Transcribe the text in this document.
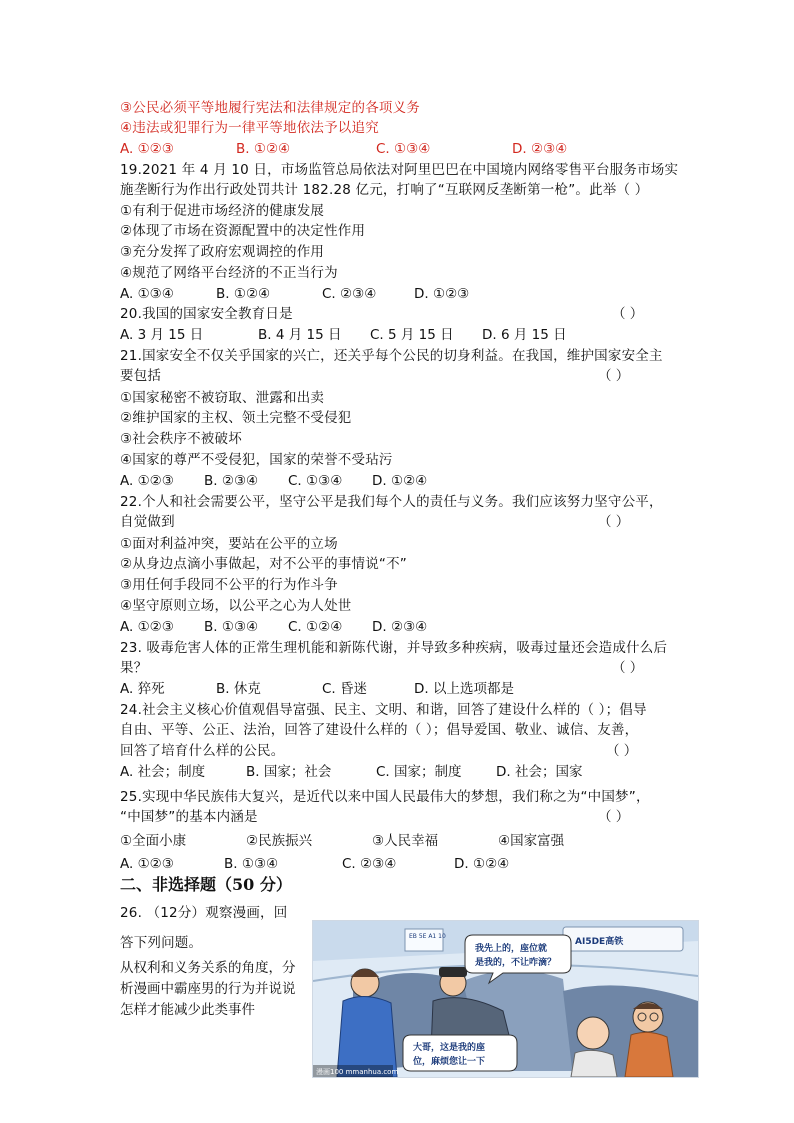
③公民必须平等地履行宪法和法律规定的各项义务
④违法或犯罪行为一律平等地依法予以追究
A. ①②③	B. ①②④	C. ①③④	D. ②③④
19.2021 年 4 月 10 日，市场监管总局依法对阿里巴巴在中国境内网络零售平台服务市场实
施垄断行为作出行政处罚共计 182.28 亿元，打响了“互联网反垄断第一枪”。此举（ ）
①有利于促进市场经济的健康发展
②体现了市场在资源配置中的决定性作用
③充分发挥了政府宏观调控的作用
④规范了网络平台经济的不正当行为
A. ①③④	B. ①②④	C. ②③④	D. ①②③
20.我国的国家安全教育日是	（ ）
A. 3 月 15 日	B. 4 月 15 日 C. 5 月 15 日 D. 6 月 15 日
21.国家安全不仅关乎国家的兴亡，还关乎每个公民的切身利益。在我国，维护国家安全主
要包括	（ ）
①国家秘密不被窃取、泄露和出卖
②维护国家的主权、领土完整不受侵犯
③社会秩序不被破坏
④国家的尊严不受侵犯，国家的荣誉不受玷污
A. ①②③ B. ②③④ C. ①③④ D. ①②④
22.个人和社会需要公平，坚守公平是我们每个人的责任与义务。我们应该努力坚守公平，
自觉做到	（ ）
①面对利益冲突，要站在公平的立场
②从身边点滴小事做起，对不公平的事情说“不”
③用任何手段同不公平的行为作斗争
④坚守原则立场，以公平之心为人处世
A. ①②③ B. ①③④ C. ①②④ D. ②③④
23. 吸毒危害人体的正常生理机能和新陈代谢，并导致多种疾病，吸毒过量还会造成什么后
果？	（ ）
A. 猝死	B. 休克	C. 昏迷	D. 以上选项都是
24.社会主义核心价值观倡导富强、民主、文明、和谐，回答了建设什么样的（ ）；倡导
自由、平等、公正、法治，回答了建设什么样的（ ）；倡导爱国、敬业、诚信、友善，
回答了培育什么样的公民。	（ ）
A. 社会；制度	B. 国家；社会	C. 国家；制度	D. 社会；国家
25.实现中华民族伟大复兴，是近代以来中国人民最伟大的梦想，我们称之为“中国梦”，
“中国梦”的基本内涵是	（ ）
①全面小康	②民族振兴	③人民幸福	④国家富强
A. ①②③	B. ①③④	C. ②③④	D. ①②④
二、非选择题（50 分）
26. （12分）观察漫画，回
答下列问题。
从权利和义务关系的角度，分析漫画中霸座男的行为并说说怎样才能减少此类事件
AI5DE高铁
EB 5E A1 10
我先上的，座位就
是我的，不让咋滴？
大哥，这是我的座
位，麻烦您让一下
漫画100 mmanhua.com
